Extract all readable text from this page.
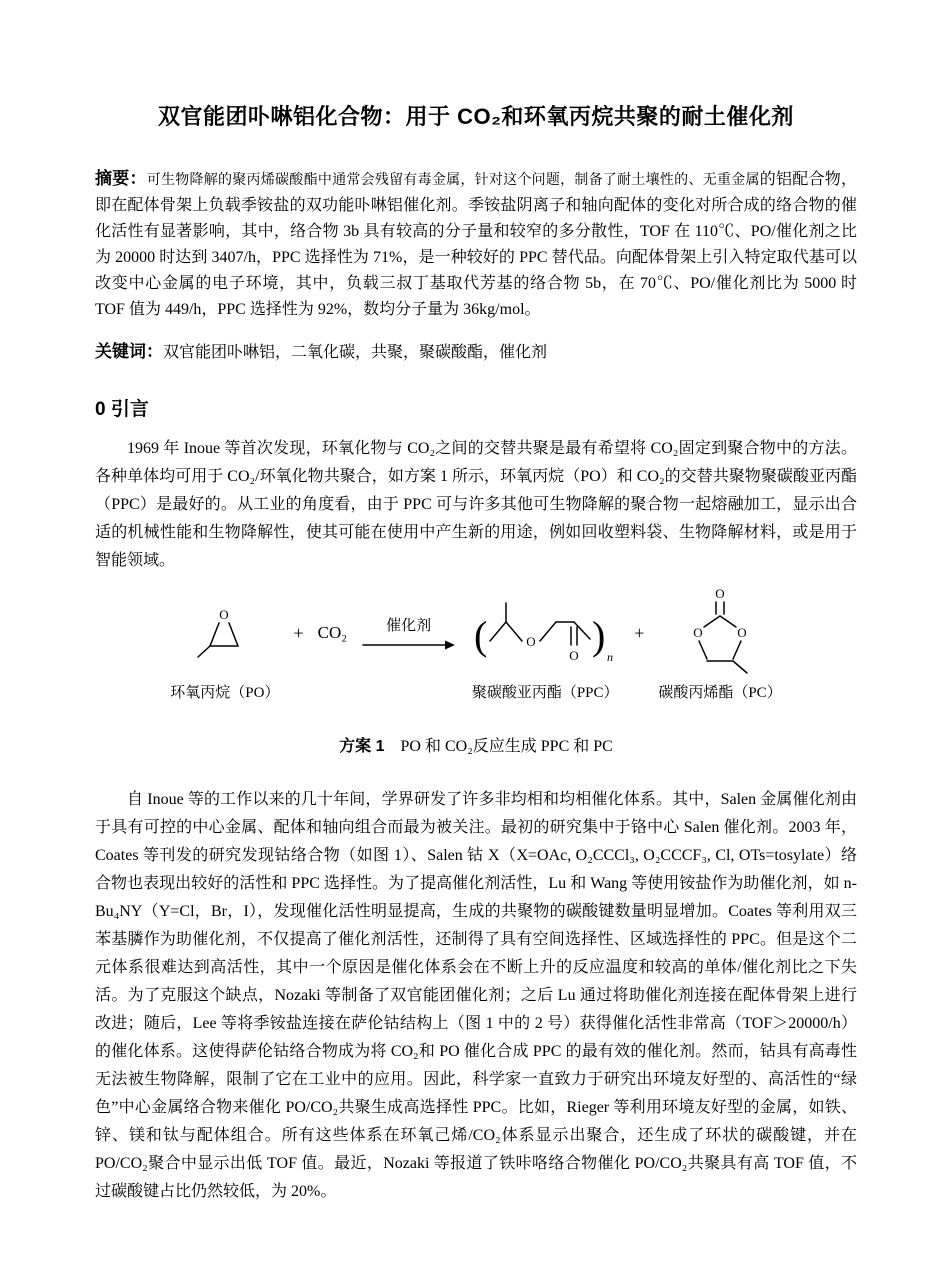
双官能团卟啉铝化合物：用于 CO₂和环氧丙烷共聚的耐土催化剂

摘要：可生物降解的聚丙烯碳酸酯中通常会残留有毒金属，针对这个问题，制备了耐土壤性的、无重金属的铝配合物，即在配体骨架上负载季铵盐的双功能卟啉铝催化剂。季铵盐阴离子和轴向配体的变化对所合成的络合物的催化活性有显著影响，其中，络合物 3b 具有较高的分子量和较窄的多分散性，TOF 在 110℃、PO/催化剂之比为 20000 时达到 3407/h，PPC 选择性为 71%，是一种较好的 PPC 替代品。向配体骨架上引入特定取代基可以改变中心金属的电子环境，其中，负载三叔丁基取代芳基的络合物 5b，在 70℃、PO/催化剂比为 5000 时 TOF 值为 449/h，PPC 选择性为 92%，数均分子量为 36kg/mol。

关键词：双官能团卟啉铝，二氧化碳，共聚，聚碳酸酯，催化剂

0 引言

1969 年 Inoue 等首次发现，环氧化物与 CO₂之间的交替共聚是最有希望将 CO₂固定到聚合物中的方法。各种单体均可用于 CO₂/环氧化物共聚合，如方案 1 所示，环氧丙烷（PO）和 CO₂的交替共聚物聚碳酸亚丙酯（PPC）是最好的。从工业的角度看，由于 PPC 可与许多其他可生物降解的聚合物一起熔融加工，显示出合适的机械性能和生物降解性，使其可能在使用中产生新的用途，例如回收塑料袋、生物降解材料，或是用于智能领域。

O
环氧丙烷（PO）
+ CO₂	催化剂 (	O
O ) n
聚碳酸亚丙酯（PPC）
+
O
O	O
碳酸丙烯酯（PC）
方案 1 PO 和 CO₂反应生成 PPC 和 PC

自 Inoue 等的工作以来的几十年间，学界研发了许多非均相和均相催化体系。其中，Salen 金属催化剂由于具有可控的中心金属、配体和轴向组合而最为被关注。最初的研究集中于铬中心 Salen 催化剂。2003 年，Coates 等刊发的研究发现钴络合物（如图 1）、Salen 钴 X（X=OAc, O₂CCCl₃, O₂CCCF₃, Cl, OTs=tosylate）络合物也表现出较好的活性和 PPC 选择性。为了提高催化剂活性，Lu 和 Wang 等使用铵盐作为助催化剂，如 n-Bu₄NY（Y=Cl，Br，I），发现催化活性明显提高，生成的共聚物的碳酸键数量明显增加。Coates 等利用双三苯基膦作为助催化剂，不仅提高了催化剂活性，还制得了具有空间选择性、区域选择性的 PPC。但是这个二元体系很难达到高活性，其中一个原因是催化体系会在不断上升的反应温度和较高的单体/催化剂比之下失活。为了克服这个缺点，Nozaki 等制备了双官能团催化剂；之后 Lu 通过将助催化剂连接在配体骨架上进行改进；随后，Lee 等将季铵盐连接在萨伦钴结构上（图 1 中的 2 号）获得催化活性非常高（TOF＞20000/h）的催化体系。这使得萨伦钴络合物成为将 CO₂和 PO 催化合成 PPC 的最有效的催化剂。然而，钴具有高毒性无法被生物降解，限制了它在工业中的应用。因此，科学家一直致力于研究出环境友好型的、高活性的“绿色”中心金属络合物来催化 PO/CO₂共聚生成高选择性 PPC。比如，Rieger 等利用环境友好型的金属，如铁、锌、镁和钛与配体组合。所有这些体系在环氧己烯/CO₂体系显示出聚合，还生成了环状的碳酸键，并在 PO/CO₂聚合中显示出低 TOF 值。最近，Nozaki 等报道了铁咔咯络合物催化 PO/CO₂共聚具有高 TOF 值，不过碳酸键占比仍然较低，为 20%。
